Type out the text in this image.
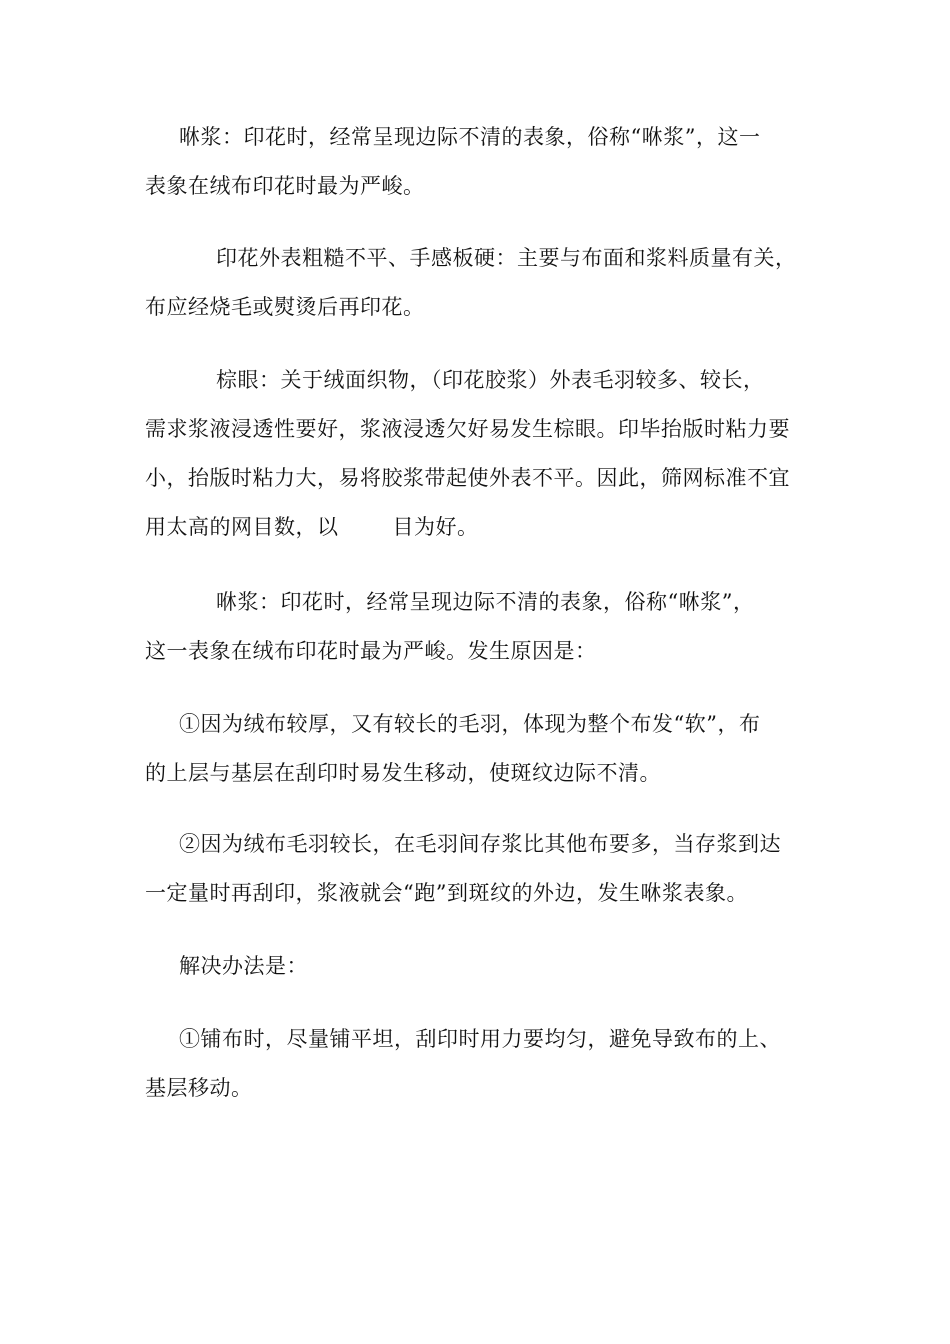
咻浆：印花时，经常呈现边际不清的表象，俗称“咻浆”，这一
表象在绒布印花时最为严峻。
印花外表粗糙不平、手感板硬：主要与布面和浆料质量有关，
布应经烧毛或熨烫后再印花。
棕眼：关于绒面织物，（印花胶浆）外表毛羽较多、较长，
需求浆液浸透性要好，浆液浸透欠好易发生棕眼。印毕抬版时粘力要
小，抬版时粘力大，易将胶浆带起使外表不平。因此，筛网标准不宜
用太高的网目数，以	目为好。
咻浆：印花时，经常呈现边际不清的表象，俗称“咻浆”，
这一表象在绒布印花时最为严峻。发生原因是：
①因为绒布较厚，又有较长的毛羽，体现为整个布发“软”，布
的上层与基层在刮印时易发生移动，使斑纹边际不清。
②因为绒布毛羽较长，在毛羽间存浆比其他布要多，当存浆到达
一定量时再刮印，浆液就会“跑”到斑纹的外边，发生咻浆表象。
解决办法是：
①铺布时，尽量铺平坦，刮印时用力要均匀，避免导致布的上、
基层移动。
